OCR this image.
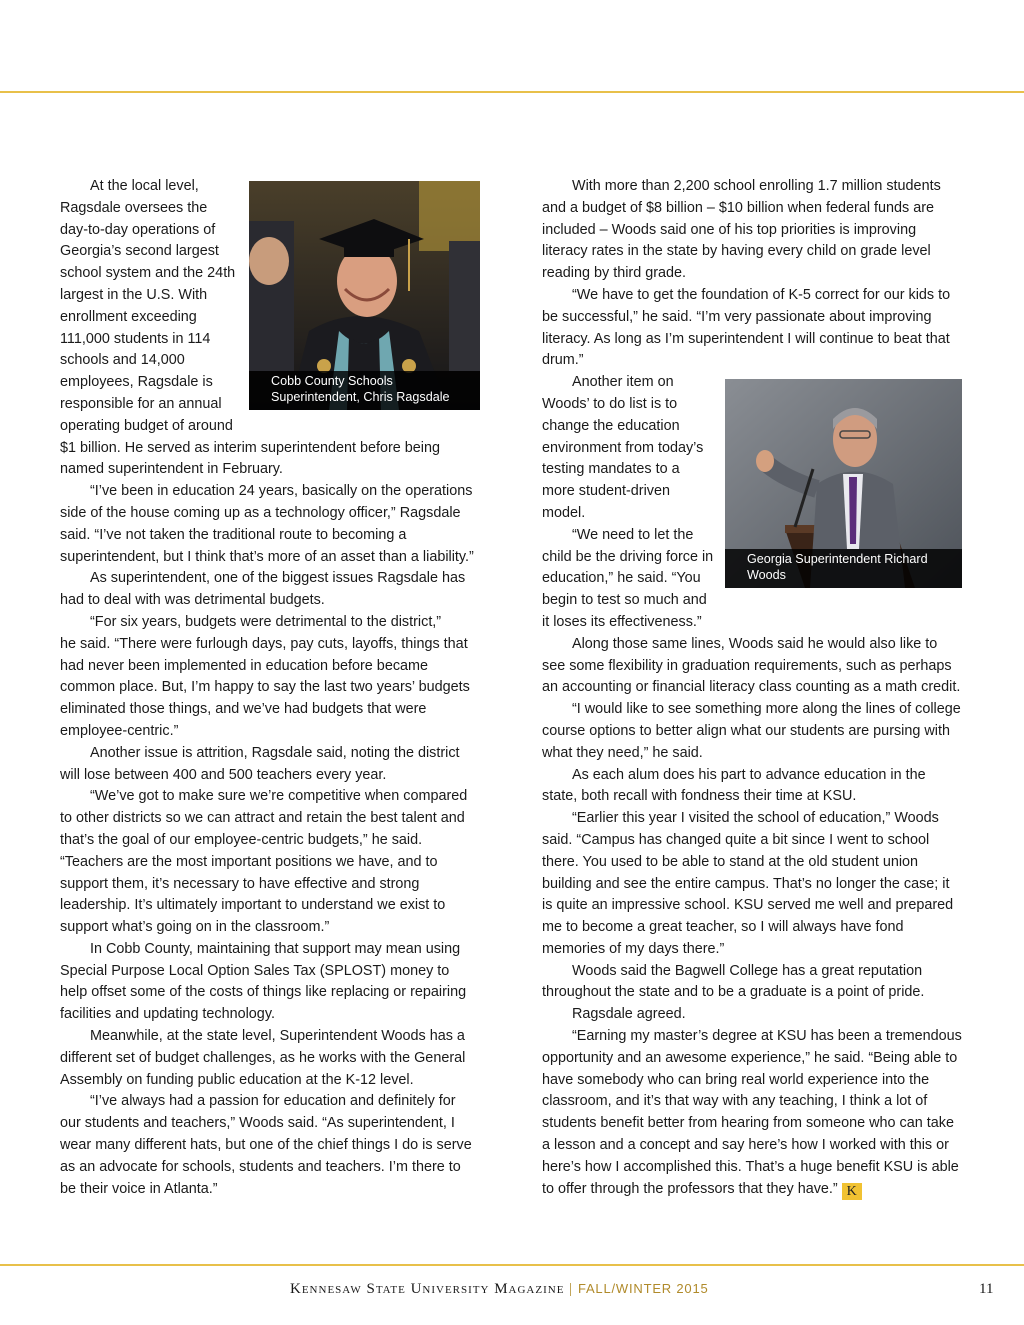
Cobb County Schools Superintendent, Chris Ragsdale

At the local level, Ragsdale oversees the day-to-day operations of Georgia’s second largest school system and the 24th largest in the U.S. With enrollment exceeding 111,000 students in 114 schools and 14,000 employees, Ragsdale is responsible for an annual operating budget of around $1 billion. He served as interim superintendent before being named superintendent in February.

“I’ve been in education 24 years, basically on the operations side of the house coming up as a technology officer,” Ragsdale said. “I’ve not taken the traditional route to becoming a superintendent, but I think that’s more of an asset than a liability.”

As superintendent, one of the biggest issues Ragsdale has had to deal with was detrimental budgets.

“For six years, budgets were detrimental to the district,”

he said. “There were furlough days, pay cuts, layoffs, things that had never been implemented in education before became common place. But, I’m happy to say the last two years’ budgets eliminated those things, and we’ve had budgets that were employee-centric.”

Another issue is attrition, Ragsdale said, noting the district will lose between 400 and 500 teachers every year.

“We’ve got to make sure we’re competitive when compared to other districts so we can attract and retain the best talent and that’s the goal of our employee-centric budgets,” he said. “Teachers are the most important positions we have, and to support them, it’s necessary to have effective and strong leadership. It’s ultimately important to understand we exist to support what’s going on in the classroom.”

In Cobb County, maintaining that support may mean using Special Purpose Local Option Sales Tax (SPLOST) money to help offset some of the costs of things like replacing or repairing facilities and updating technology.

Meanwhile, at the state level, Superintendent Woods has a different set of budget challenges, as he works with the General Assembly on funding public education at the K-12 level.

“I’ve always had a passion for education and definitely for our students and teachers,” Woods said. “As superintendent, I wear many different hats, but one of the chief things I do is serve as an advocate for schools, students and teachers. I’m there to be their voice in Atlanta.”

With more than 2,200 school enrolling 1.7 million students and a budget of $8 billion – $10 billion when federal funds are included – Woods said one of his top priorities is improving literacy rates in the state by having every child on grade level reading by third grade.

“We have to get the foundation of K-5 correct for our kids to be successful,” he said. “I’m very passionate about improving literacy. As long as I’m superintendent I will continue to beat that drum.”

Georgia Superintendent Richard Woods

Another item on Woods’ to do list is to change the education environment from today’s testing mandates to a more student-driven model.

“We need to let the child be the driving force in education,” he said. “You begin to test so much and it loses its effectiveness.”

Along those same lines, Woods said he would also like to see some flexibility in graduation requirements, such as perhaps an accounting or financial literacy class counting as a math credit.

“I would like to see something more along the lines of college course options to better align what our students are pursing with what they need,” he said.

As each alum does his part to advance education in the state, both recall with fondness their time at KSU.

“Earlier this year I visited the school of education,” Woods said. “Campus has changed quite a bit since I went to school there. You used to be able to stand at the old student union building and see the entire campus. That’s no longer the case; it is quite an impressive school. KSU served me well and prepared me to become a great teacher, so I will always have fond memories of my days there.”

Woods said the Bagwell College has a great reputation throughout the state and to be a graduate is a point of pride.

Ragsdale agreed.

“Earning my master’s degree at KSU has been a tremendous opportunity and an awesome experience,” he said. “Being able to have somebody who can bring real world experience into the classroom, and it’s that way with any teaching, I think a lot of students benefit better from hearing from someone who can take a lesson and a concept and say here’s how I worked with this or here’s how I accomplished this. That’s a huge benefit KSU is able to offer through the professors that they have.” K

Kennesaw State University Magazine | FALL/WINTER 2015	11
